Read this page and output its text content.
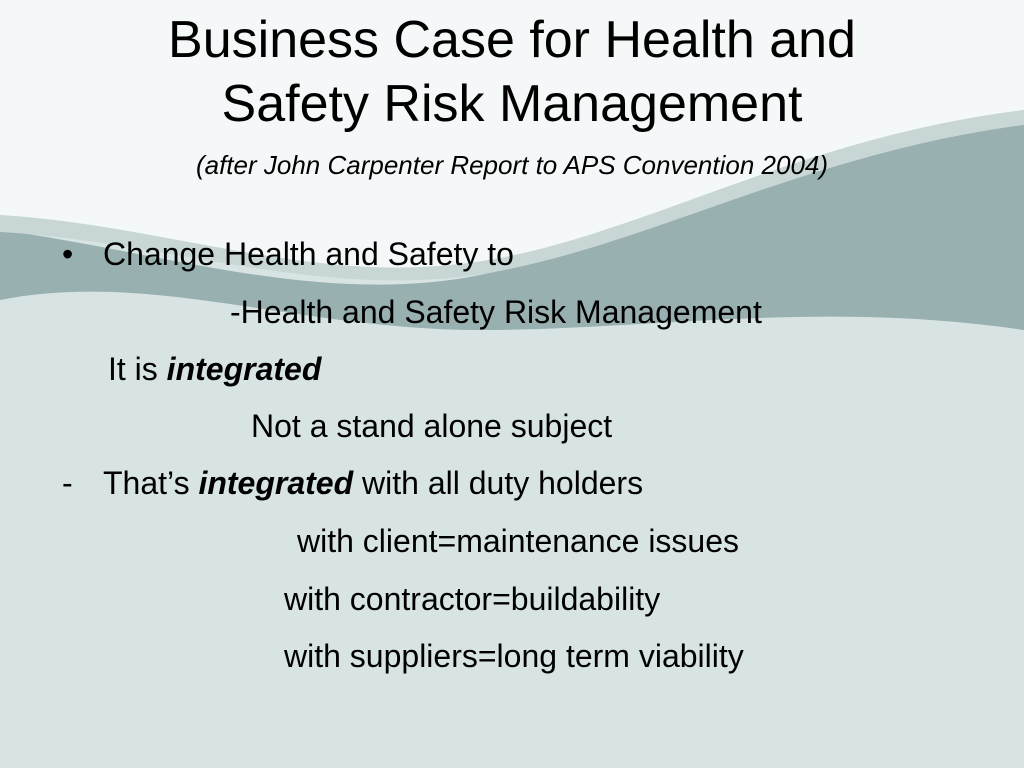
Business Case for Health and
Safety Risk Management
(after John Carpenter Report to APS Convention 2004)
• Change Health and Safety to
-Health and Safety Risk Management
It is integrated
Not a stand alone subject
- That’s integrated with all duty holders
with client=maintenance issues
with contractor=buildability
with suppliers=long term viability
